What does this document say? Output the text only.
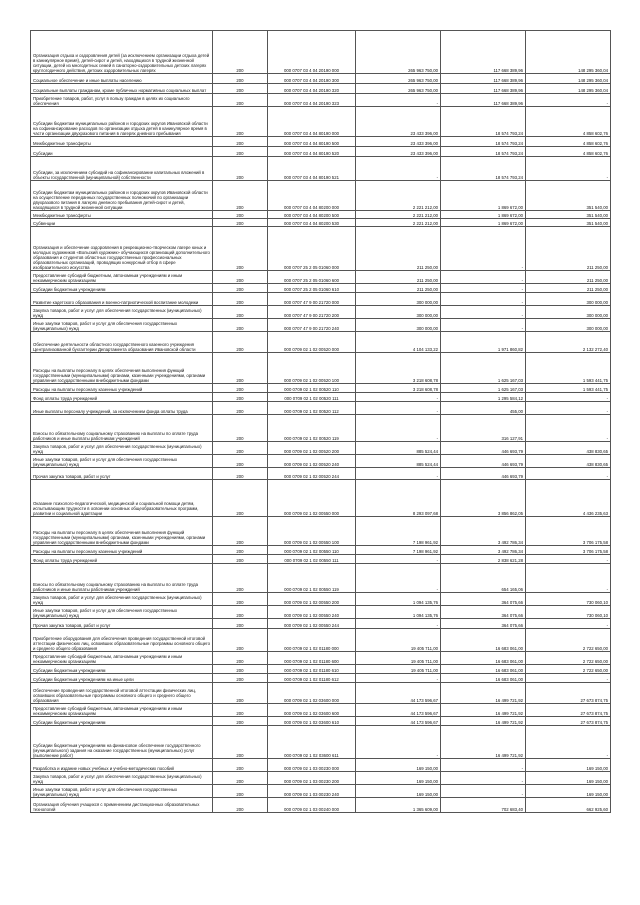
Организация отдыха и оздоровления детей (за исключением организации отдыха детей в каникулярное время), детей-сирот и детей, находящихся в трудной жизненной ситуации, детей из многодетных семей в санаторно-оздоровительных детских лагерях круглогодичного действия, детских оздоровительных лагерях	200	000 0707 03 4 04 20190 000	265 963 750,00	117 668 389,96	148 295 360,04
Социальное обеспечение и иные выплаты населению	200	000 0707 03 4 04 20190 300	265 963 750,00	117 668 389,96	148 295 360,04
Социальные выплаты гражданам, кроме публичных нормативных социальных выплат	200	000 0707 03 4 04 20190 320	265 963 750,00	117 668 389,96	148 295 360,04
Приобретение товаров, работ, услуг в пользу граждан в целях их социального обеспечения	200	000 0707 03 4 04 20190 323	-	117 668 389,96	-
Субсидии бюджетам муниципальных районов и городских округов Ивановской области на софинансирование расходов по организации отдыха детей в каникулярное время в части организации двухразового питания в лагерях дневного пребывания	200	000 0707 03 4 04 80190 000	23 433 396,00	18 574 793,24	4 858 602,76
Межбюджетные трансферты	200	000 0707 03 4 04 80190 500	23 433 396,00	18 574 793,24	4 858 602,76
Субсидии	200	000 0707 03 4 04 80190 520	23 433 396,00	18 574 793,24	4 858 602,76
Субсидии, за исключением субсидий на софинансирование капитальных вложений в объекты государственной (муниципальной) собственности	200	000 0707 03 4 04 80190 521	-	18 574 793,24	-
Субсидии бюджетам муниципальных районов и городских округов Ивановской области на осуществление переданных государственных полномочий по организации двухразового питания в лагерях дневного пребывания детей-сирот и детей, находящихся в трудной жизненной ситуации	200	000 0707 03 4 04 80200 000	2 221 212,00	1 869 672,00	351 540,00
Межбюджетные трансферты	200	000 0707 03 4 04 80200 500	2 221 212,00	1 869 672,00	351 540,00
Субвенции	200	000 0707 03 4 04 80200 530	2 221 212,00	1 869 672,00	351 540,00
Организация и обеспечение оздоровления в рекреационно-творческом лагере юных и молодых художников «Вольский художник» обучающихся организаций дополнительного образования и студентов областных государственных профессиональных образовательных организаций, проводящих конкурсный отбор в сфере изобразительного искусства	200	000 0707 25 2 05 01060 000	211 250,00	-	211 250,00
Предоставление субсидий бюджетным, автономным учреждениям и иным некоммерческим организациям	200	000 0707 25 2 05 01060 600	211 250,00	-	211 250,00
Субсидии бюджетным учреждениям	200	000 0707 25 2 05 01060 610	211 250,00	-	211 250,00
Развитие кадетского образования и военно-патриотической воспитание молодежи	200	000 0707 47 9 00 21720 000	300 000,00	-	300 000,00
Закупка товаров, работ и услуг для обеспечения государственных (муниципальных) нужд	200	000 0707 47 9 00 21720 200	300 000,00	-	300 000,00
Иные закупки товаров, работ и услуг для обеспечения государственных (муниципальных) нужд	200	000 0707 47 9 00 21720 240	300 000,00	-	300 000,00
Обеспечение деятельности областного государственного казенного учреждения Централизованной бухгалтерии Департамента образования Ивановской области	200	000 0709 02 1 02 00520 000	4 104 133,22	1 971 860,82	2 132 272,40
Расходы на выплаты персоналу в целях обеспечения выполнения функций государственными (муниципальными) органами, казенными учреждениями, органами управления государственными внебюджетными фондами	200	000 0709 02 1 02 00520 100	3 218 608,78	1 625 167,03	1 593 441,75
Расходы на выплаты персоналу казенных учреждений	200	000 0709 02 1 02 00520 110	3 218 608,78	1 625 167,03	1 593 441,75
Фонд оплаты труда учреждений	200	000 0709 02 1 02 00520 111	-	1 295 584,12	-
Иные выплаты персоналу учреждений, за исключением фонда оплаты труда	200	000 0709 02 1 02 00520 112	-	455,00	-
Взносы по обязательному социальному страхованию на выплаты по оплате труда работников и иные выплаты работникам учреждений	200	000 0709 02 1 02 00520 119	-	316 127,91	-
Закупка товаров, работ и услуг для обеспечения государственных (муниципальных) нужд	200	000 0709 02 1 02 00520 200	885 524,44	446 693,79	438 830,65
Иные закупки товаров, работ и услуг для обеспечения государственных (муниципальных) нужд	200	000 0709 02 1 02 00520 240	885 524,44	446 693,79	438 830,65
Прочая закупка товаров, работ и услуг	200	000 0709 02 1 02 00520 244	-	446 693,79	-
Оказание психолого-педагогической, медицинской и социальной помощи детям, испытывающим трудности в освоении основных общеобразовательных программ, развитии и социальной адаптации	200	000 0709 02 1 02 00550 000	8 293 097,68	3 856 862,05	4 436 235,63
Расходы на выплаты персоналу в целях обеспечения выполнения функций государственными (муниципальными) органами, казенными учреждениями, органами управления государственными внебюджетными фондами	200	000 0709 02 1 02 00550 100	7 198 961,92	3 492 786,34	3 706 175,58
Расходы на выплаты персоналу казенных учреждений	200	000 0709 02 1 02 00550 110	7 198 961,92	3 492 786,34	3 706 175,58
Фонд оплаты труда учреждений	200	000 0709 02 1 02 00550 111	-	2 838 621,28	-
Взносы по обязательному социальному страхованию на выплаты по оплате труда работников и иные выплаты работникам учреждений	200	000 0709 02 1 02 00550 119	-	654 165,06	-
Закупка товаров, работ и услуг для обеспечения государственных (муниципальных) нужд	200	000 0709 02 1 02 00550 200	1 094 135,76	364 075,66	730 060,10
Иные закупки товаров, работ и услуг для обеспечения государственных (муниципальных) нужд	200	000 0709 02 1 02 00550 240	1 094 135,76	364 075,66	730 060,10
Прочая закупка товаров, работ и услуг	200	000 0709 02 1 02 00550 244	-	364 075,66	-
Приобретение оборудования для обеспечения проведения государственной итоговой аттестации физических лиц, освоивших образовательные программы основного общего и среднего общего образования	200	000 0709 02 1 02 01180 000	19 405 711,00	16 683 061,00	2 722 650,00
Предоставление субсидий бюджетным, автономным учреждениям и иным некоммерческим организациям	200	000 0709 02 1 02 01180 600	19 405 711,00	16 683 061,00	2 722 650,00
Субсидии бюджетным учреждениям	200	000 0709 02 1 02 01180 610	19 405 711,00	16 683 061,00	2 722 650,00
Субсидии бюджетным учреждениям на иные цели	200	000 0709 02 1 02 01180 612	-	16 683 061,00	-
Обеспечение проведения государственной итоговой аттестации физических лиц, освоивших образовательные программы основного общего и среднего общего образования	200	000 0709 02 1 02 03600 000	44 173 596,67	16 499 721,92	27 673 874,75
Предоставление субсидий бюджетным, автономным учреждениям и иным некоммерческим организациям	200	000 0709 02 1 02 03600 600	44 173 596,67	16 499 721,92	27 673 874,75
Субсидии бюджетным учреждениям	200	000 0709 02 1 02 03600 610	44 173 596,67	16 499 721,92	27 673 874,75
Субсидии бюджетным учреждениям на финансовое обеспечение государственного (муниципального) задания на оказание государственных (муниципальных) услуг (выполнение работ)	200	000 0709 02 1 02 03600 611	-	16 499 721,92	-
Разработка и издание новых учебных и учебно-методических пособий	200	000 0709 02 1 03 00230 000	169 150,00	-	169 150,00
Закупка товаров, работ и услуг для обеспечения государственных (муниципальных) нужд	200	000 0709 02 1 03 00230 200	169 150,00	-	169 150,00
Иные закупки товаров, работ и услуг для обеспечения государственных (муниципальных) нужд	200	000 0709 02 1 03 00230 240	169 150,00	-	169 150,00
Организация обучения учащихся с применением дистанционных образовательных технологий	200	000 0709 02 1 03 00240 000	1 365 609,00	702 683,40	662 925,60
